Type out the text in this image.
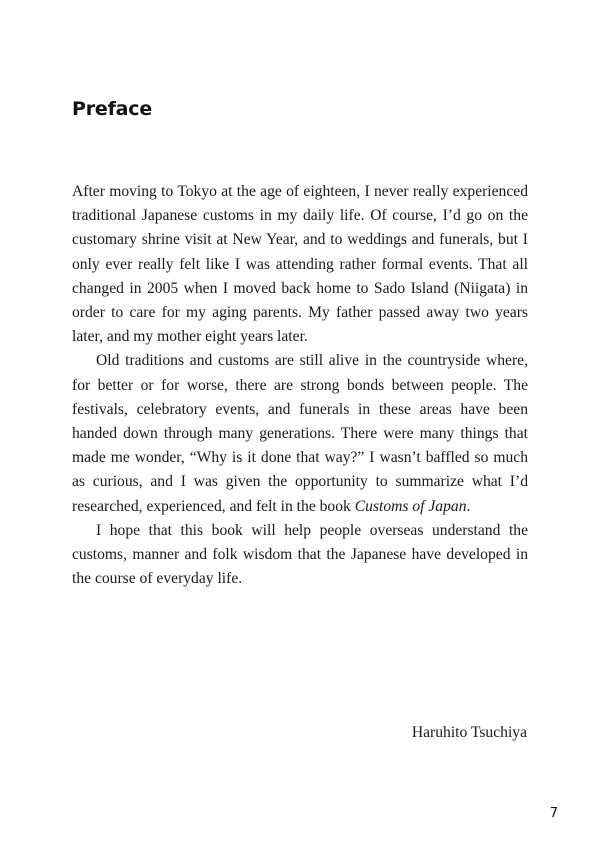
Preface

After moving to Tokyo at the age of eighteen, I never really experienced traditional Japanese customs in my daily life. Of course, I’d go on the customary shrine visit at New Year, and to weddings and funerals, but I only ever really felt like I was attending rather formal events. That all changed in 2005 when I moved back home to Sado Island (Niigata) in order to care for my aging parents. My father passed away two years later, and my mother eight years later.

Old traditions and customs are still alive in the countryside where, for better or for worse, there are strong bonds between people. The festivals, celebratory events, and funerals in these areas have been handed down through many generations. There were many things that made me wonder, “Why is it done that way?” I wasn’t baffled so much as curious, and I was given the opportunity to summarize what I’d researched, experienced, and felt in the book Customs of Japan.

I hope that this book will help people overseas understand the customs, manner and folk wisdom that the Japanese have developed in the course of everyday life.

Haruhito Tsuchiya
7
